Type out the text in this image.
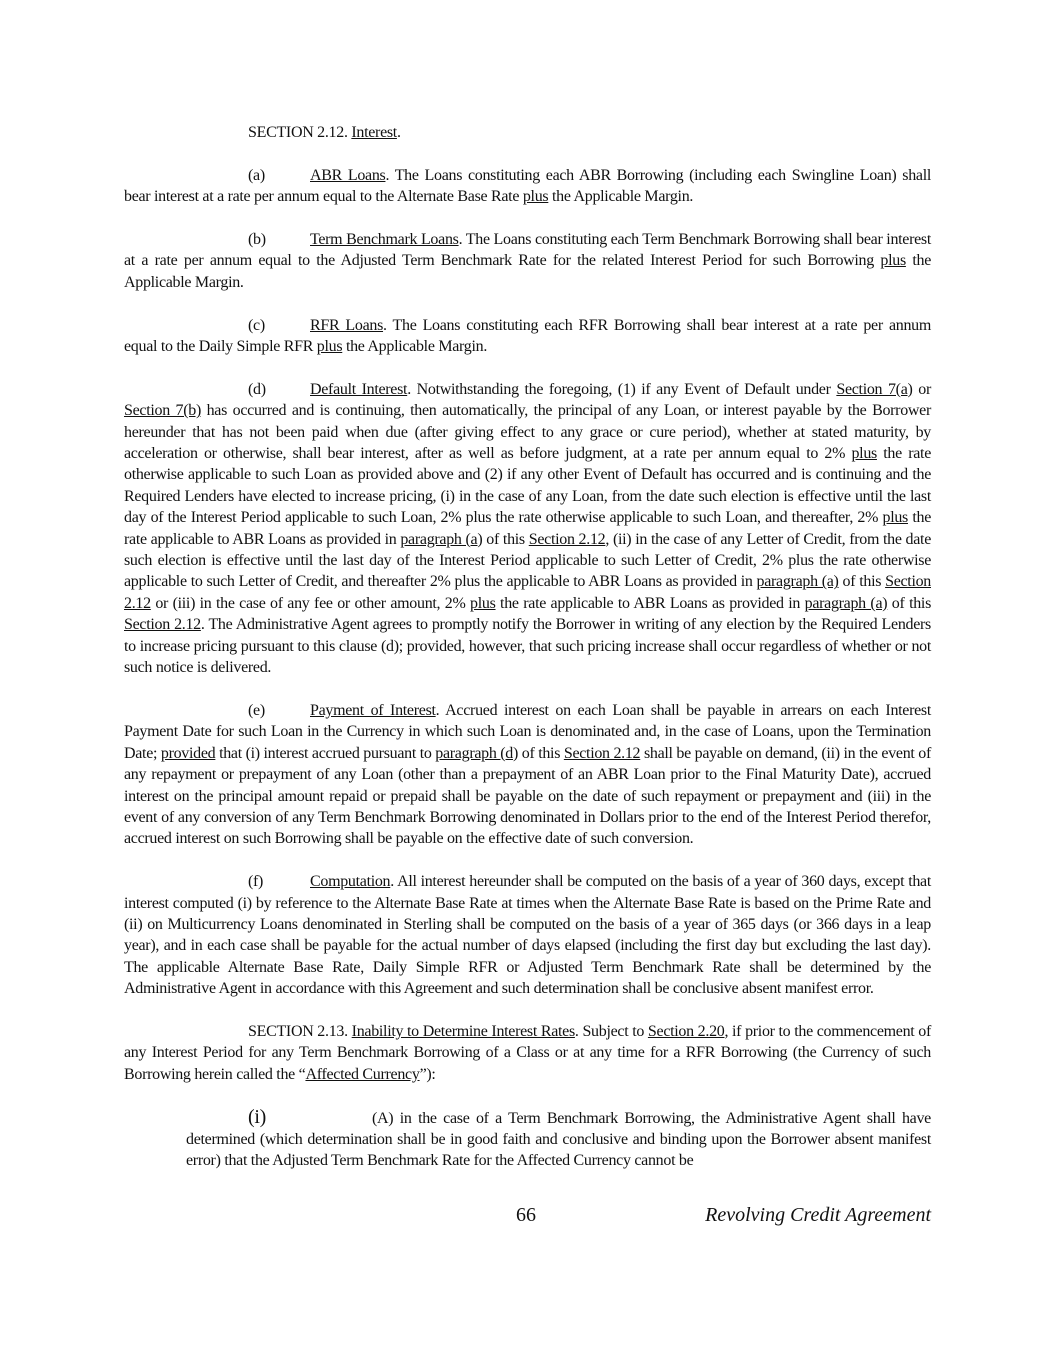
SECTION 2.12. Interest.

(a)	ABR Loans. The Loans constituting each ABR Borrowing (including each Swingline Loan) shall bear interest at a rate per annum equal to the Alternate Base Rate plus the Applicable Margin.

(b)	Term Benchmark Loans. The Loans constituting each Term Benchmark Borrowing shall bear interest at a rate per annum equal to the Adjusted Term Benchmark Rate for the related Interest Period for such Borrowing plus the Applicable Margin.

(c)	RFR Loans. The Loans constituting each RFR Borrowing shall bear interest at a rate per annum equal to the Daily Simple RFR plus the Applicable Margin.

(d)	Default Interest. Notwithstanding the foregoing, (1) if any Event of Default under Section 7(a) or Section 7(b) has occurred and is continuing, then automatically, the principal of any Loan, or interest payable by the Borrower hereunder that has not been paid when due (after giving effect to any grace or cure period), whether at stated maturity, by acceleration or otherwise, shall bear interest, after as well as before judgment, at a rate per annum equal to 2% plus the rate otherwise applicable to such Loan as provided above and (2) if any other Event of Default has occurred and is continuing and the Required Lenders have elected to increase pricing, (i) in the case of any Loan, from the date such election is effective until the last day of the Interest Period applicable to such Loan, 2% plus the rate otherwise applicable to such Loan, and thereafter, 2% plus the rate applicable to ABR Loans as provided in paragraph (a) of this Section 2.12, (ii) in the case of any Letter of Credit, from the date such election is effective until the last day of the Interest Period applicable to such Letter of Credit, 2% plus the rate otherwise applicable to such Letter of Credit, and thereafter 2% plus the applicable to ABR Loans as provided in paragraph (a) of this Section 2.12 or (iii) in the case of any fee or other amount, 2% plus the rate applicable to ABR Loans as provided in paragraph (a) of this Section 2.12. The Administrative Agent agrees to promptly notify the Borrower in writing of any election by the Required Lenders to increase pricing pursuant to this clause (d); provided, however, that such pricing increase shall occur regardless of whether or not such notice is delivered.

(e)	Payment of Interest. Accrued interest on each Loan shall be payable in arrears on each Interest Payment Date for such Loan in the Currency in which such Loan is denominated and, in the case of Loans, upon the Termination Date; provided that (i) interest accrued pursuant to paragraph (d) of this Section 2.12 shall be payable on demand, (ii) in the event of any repayment or prepayment of any Loan (other than a prepayment of an ABR Loan prior to the Final Maturity Date), accrued interest on the principal amount repaid or prepaid shall be payable on the date of such repayment or prepayment and (iii) in the event of any conversion of any Term Benchmark Borrowing denominated in Dollars prior to the end of the Interest Period therefor, accrued interest on such Borrowing shall be payable on the effective date of such conversion.

(f)	Computation. All interest hereunder shall be computed on the basis of a year of 360 days, except that interest computed (i) by reference to the Alternate Base Rate at times when the Alternate Base Rate is based on the Prime Rate and (ii) on Multicurrency Loans denominated in Sterling shall be computed on the basis of a year of 365 days (or 366 days in a leap year), and in each case shall be payable for the actual number of days elapsed (including the first day but excluding the last day). The applicable Alternate Base Rate, Daily Simple RFR or Adjusted Term Benchmark Rate shall be determined by the Administrative Agent in accordance with this Agreement and such determination shall be conclusive absent manifest error.

SECTION 2.13. Inability to Determine Interest Rates. Subject to Section 2.20, if prior to the commencement of any Interest Period for any Term Benchmark Borrowing of a Class or at any time for a RFR Borrowing (the Currency of such Borrowing herein called the “Affected Currency”):

(i)	(A) in the case of a Term Benchmark Borrowing, the Administrative Agent shall have determined (which determination shall be in good faith and conclusive and binding upon the Borrower absent manifest error) that the Adjusted Term Benchmark Rate for the Affected Currency cannot be

66	Revolving Credit Agreement
